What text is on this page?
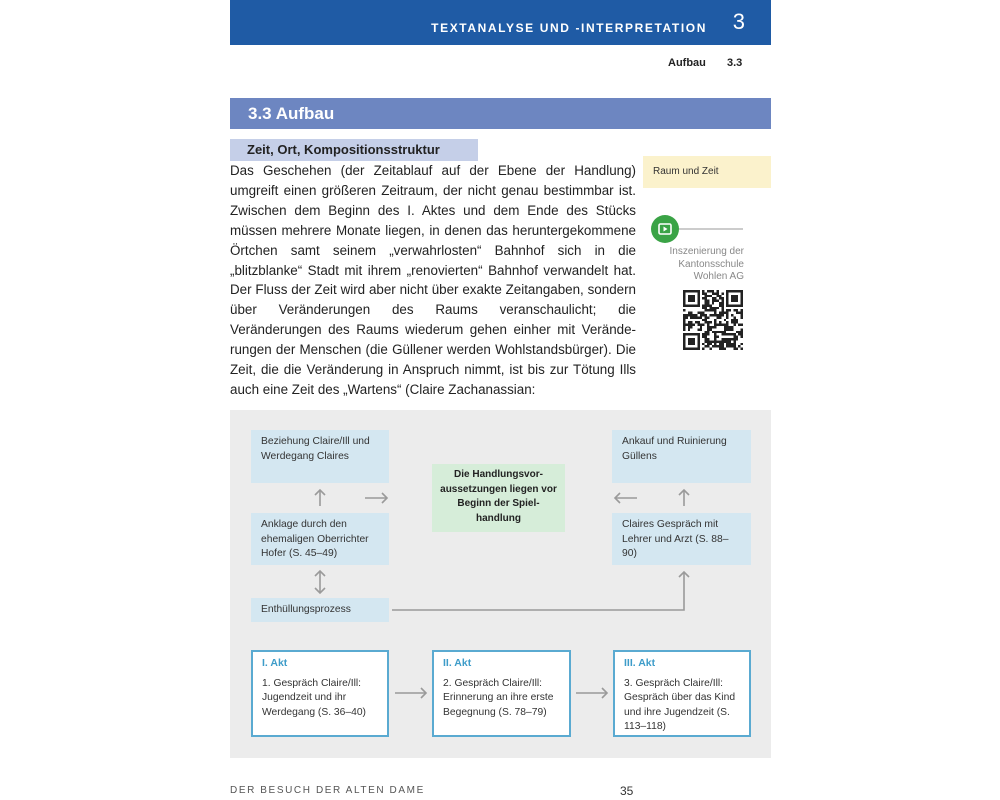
TEXTANALYSE UND -INTERPRETATION 3
Aufbau 3.3
3.3 Aufbau
Zeit, Ort, Kompositionsstruktur

Das Geschehen (der Zeitablauf auf der Ebene der Handlung) umgreift einen größeren Zeitraum, der nicht genau bestimmbar ist. Zwischen dem Beginn des I. Aktes und dem Ende des Stücks müssen mehrere Monate liegen, in denen das heruntergekommene Örtchen samt seinem „verwahrlosten“ Bahnhof sich in die „blitzblanke“ Stadt mit ihrem „renovierten“ Bahnhof verwandelt hat. Der Fluss der Zeit wird aber nicht über exakte Zeitangaben, sondern über Veränderungen des Raums veranschaulicht; die Veränderungen des Raums wiederum gehen einher mit Veränderungen der Menschen (die Güllener werden Wohlstandsbürger). Die Zeit, die die Veränderung in Anspruch nimmt, ist bis zur Tötung Ills auch eine Zeit des „Wartens“ (Claire Zachanassian:

Raum und Zeit
Inszenierung der Kantonsschule Wohlen AG
Beziehung Claire/Ill und Werdegang Claires
Anklage durch den ehemaligen Oberrichter Hofer (S. 45–49)
Enthüllungsprozess
Die Handlungsvoraussetzungen liegen vor Beginn der Spielhandlung
Ankauf und Ruinierung Güllens
Claires Gespräch mit Lehrer und Arzt (S. 88–90)
I. Akt
1. Gespräch Claire/Ill: Jugendzeit und ihr Werdegang (S. 36–40)
II. Akt
2. Gespräch Claire/Ill: Erinnerung an ihre erste Begegnung (S. 78–79)
III. Akt
3. Gespräch Claire/Ill: Gespräch über das Kind und ihre Jugendzeit (S. 113–118)
DER BESUCH DER ALTEN DAME	35
